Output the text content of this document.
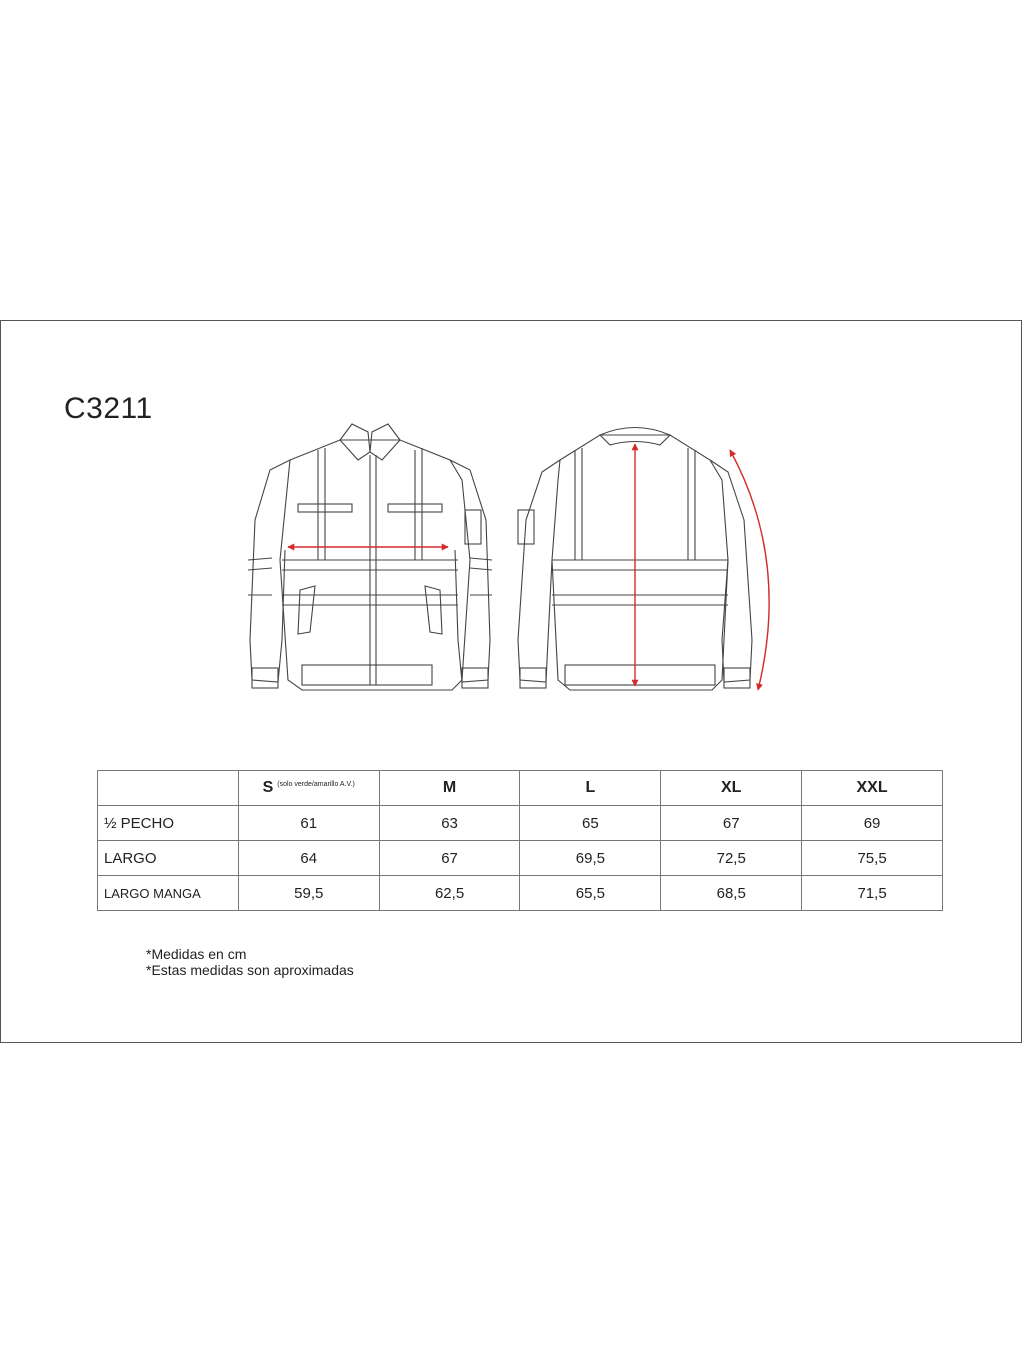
C3211
	S $^{(solo verde/amarillo A.V.)}$	M	L	XL	XXL
½ PECHO	61	63	65	67	69
LARGO	64	67	69,5	72,5	75,5
LARGO MANGA	59,5	62,5	65,5	68,5	71,5
*Medidas en cm
*Estas medidas son aproximadas
